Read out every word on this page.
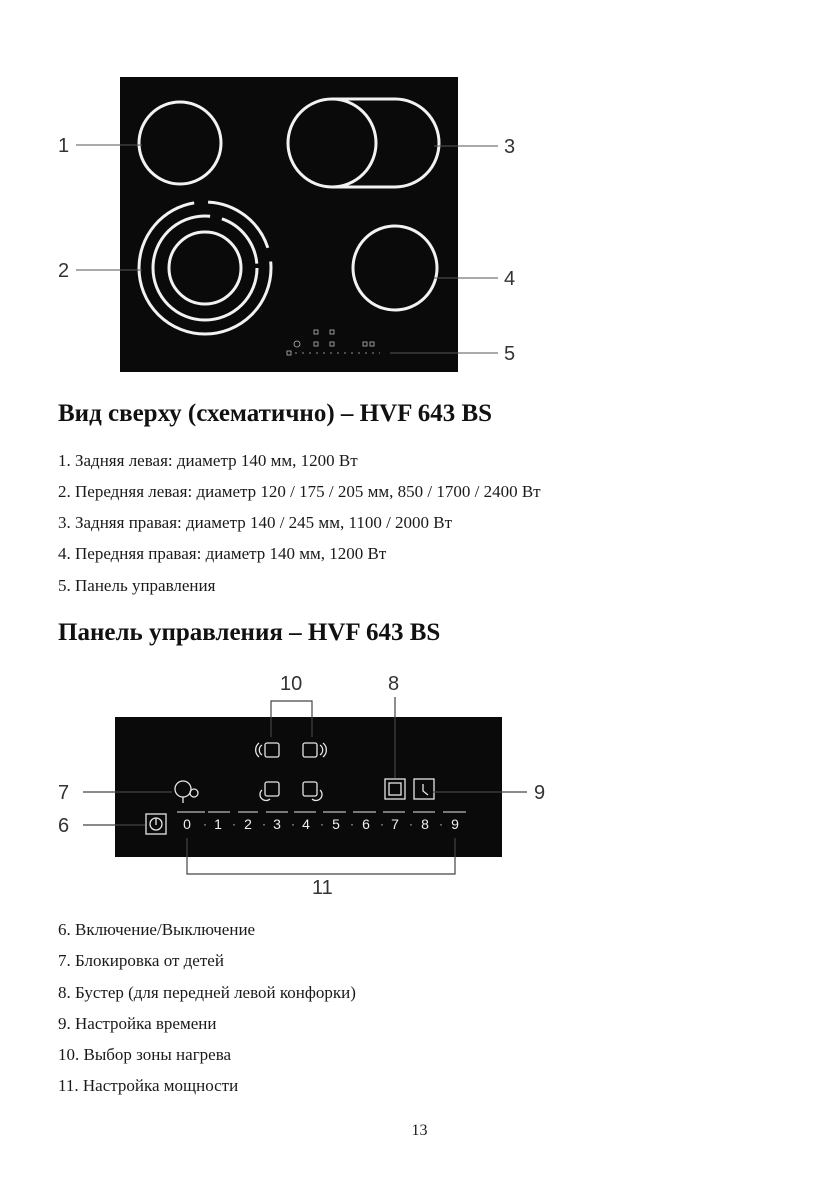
1
2
3
4
5
Вид сверху (схематично) – HVF 643 BS
1. Задняя левая: диаметр 140 мм, 1200 Вт
2. Передняя левая: диаметр 120 / 175 / 205 мм, 850 / 1700 / 2400 Вт
3. Задняя правая: диаметр 140 / 245 мм, 1100 / 2000 Вт
4. Передняя правая: диаметр 140 мм, 1200 Вт
5. Панель управления
Панель управления – HVF 643 BS
0 1 2 3 4 5 6 7 8 9
· · · · · · · · ·
10	8
7	9
6
11
6. Включение/Выключение
7. Блокировка от детей
8. Бустер (для передней левой конфорки)
9. Настройка времени
10. Выбор зоны нагрева
11. Настройка мощности
13
